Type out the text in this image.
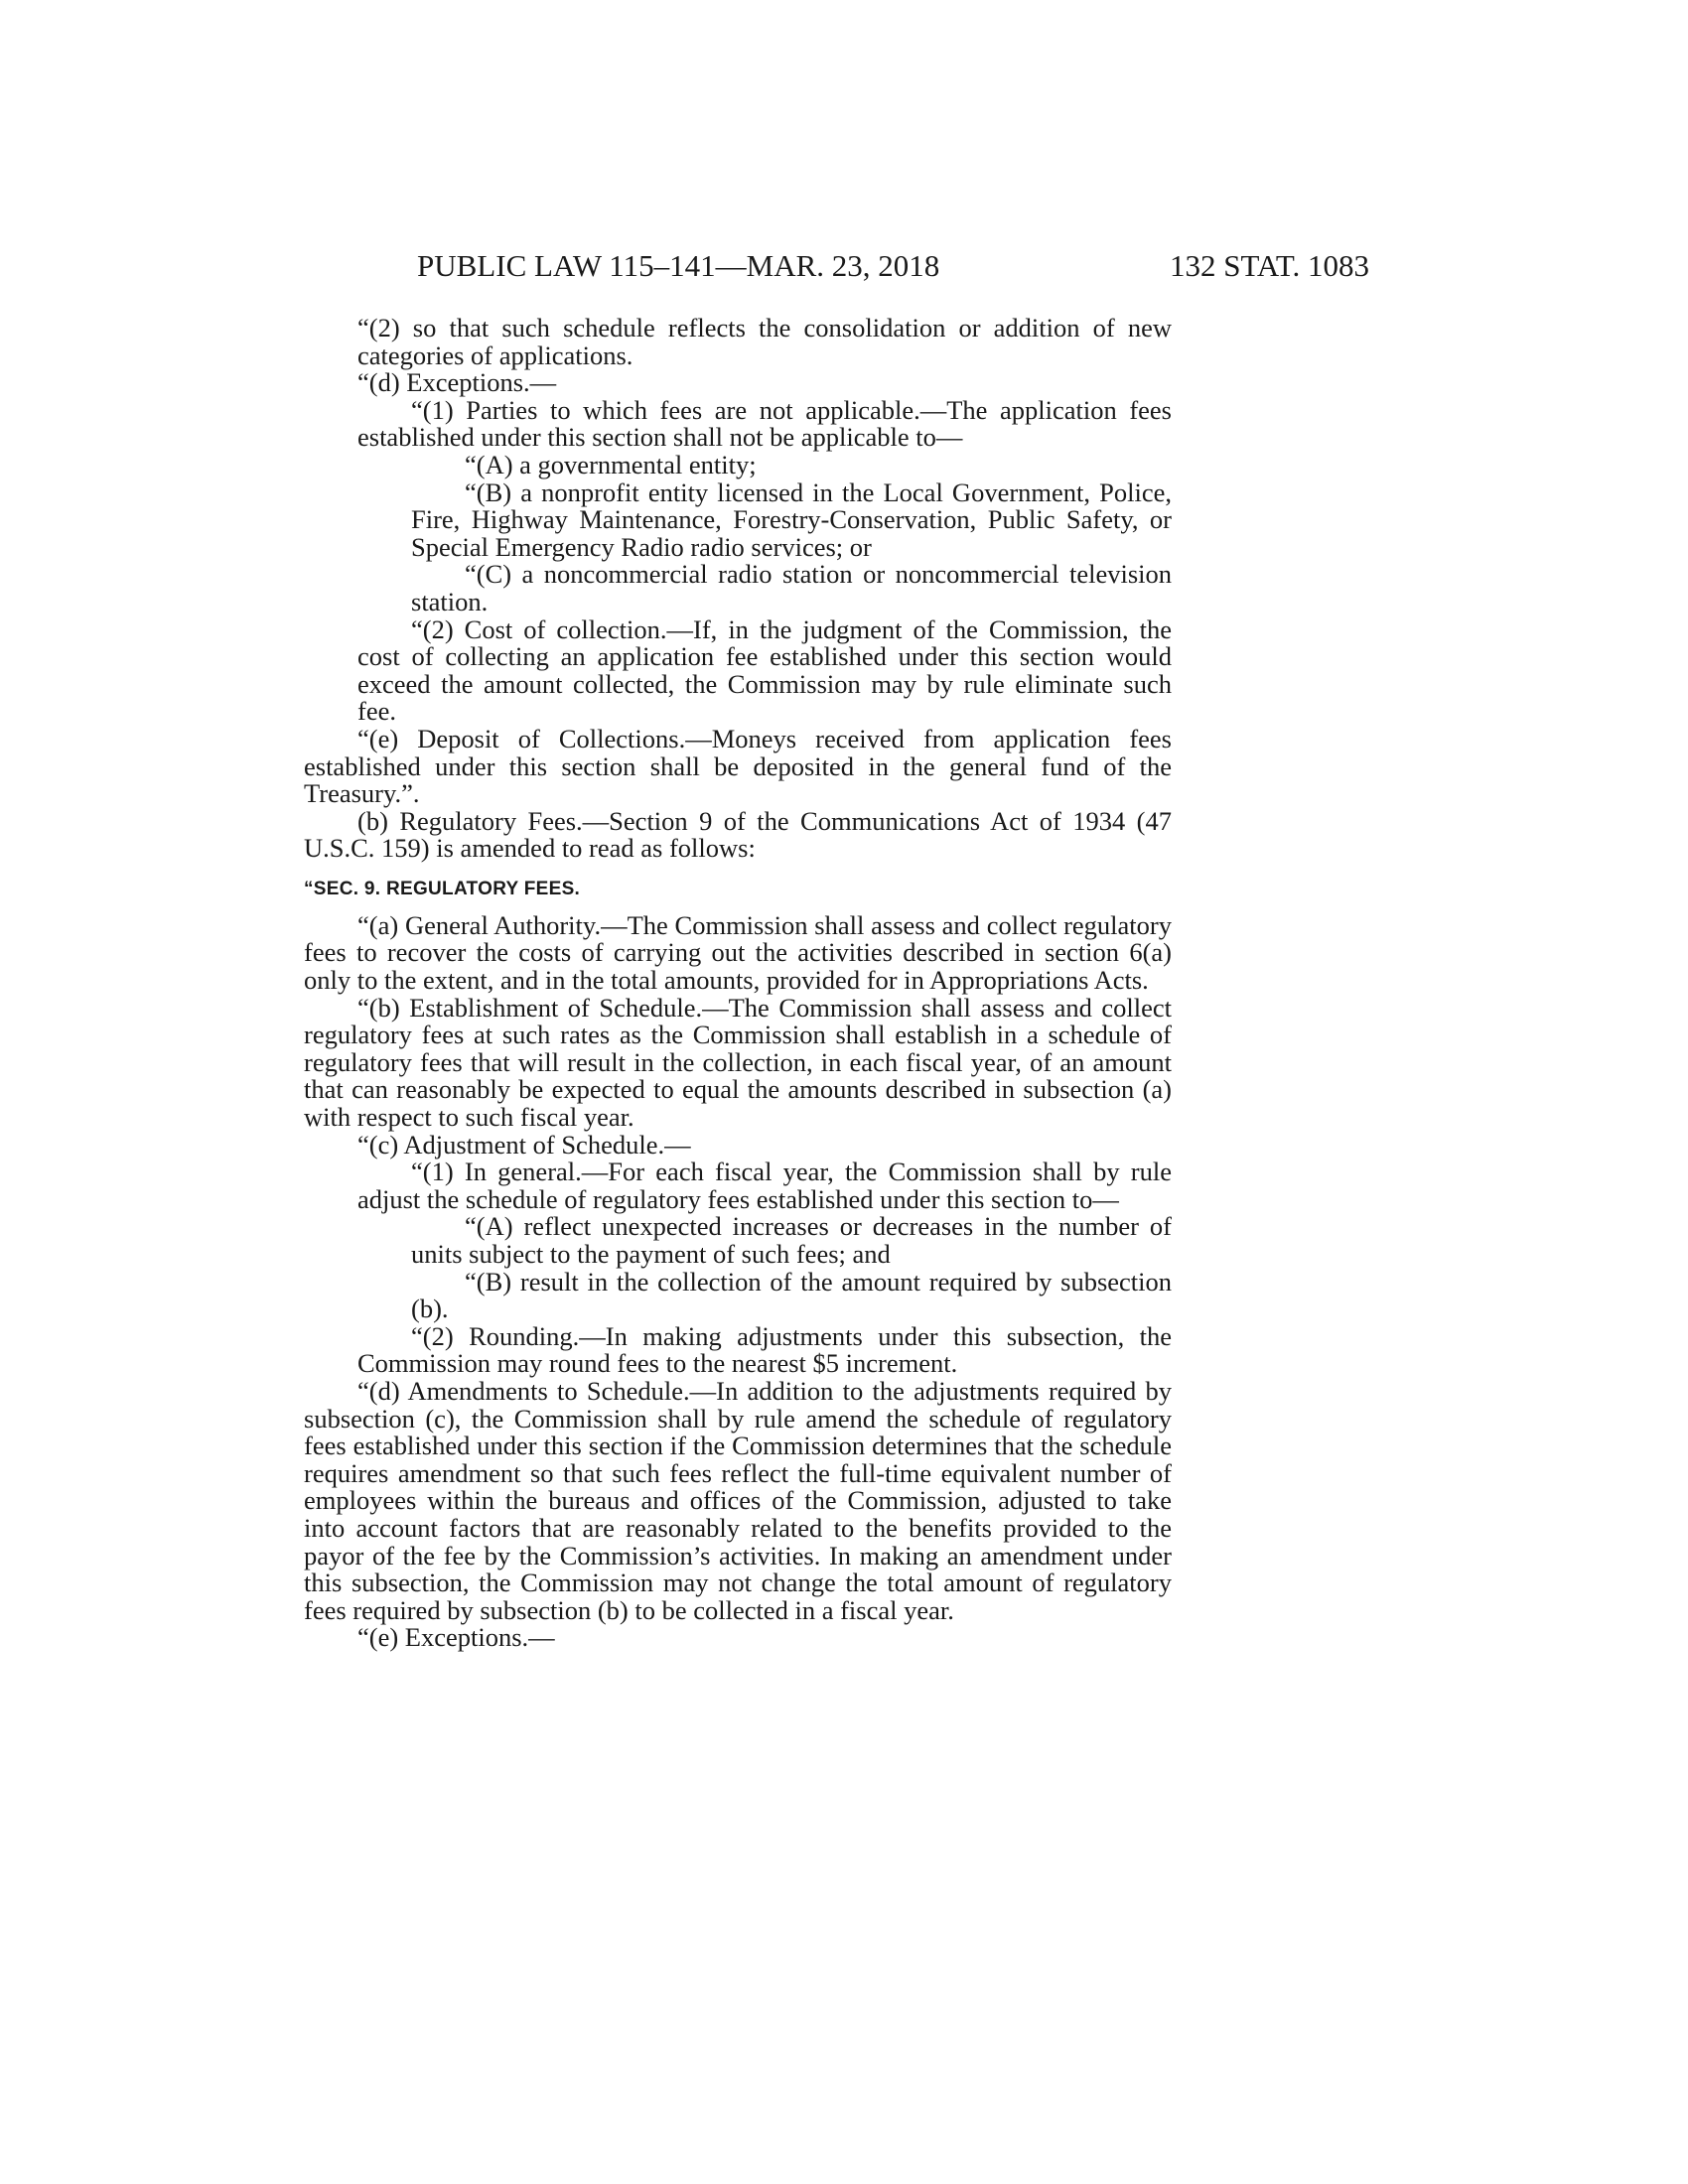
PUBLIC LAW 115–141—MAR. 23, 2018	132 STAT. 1083

“(2) so that such schedule reflects the consolidation or addition of new categories of applications.

“(d) Exceptions.—

“(1) Parties to which fees are not applicable.—The application fees established under this section shall not be applicable to—

“(A) a governmental entity;

“(B) a nonprofit entity licensed in the Local Government, Police, Fire, Highway Maintenance, Forestry-Conservation, Public Safety, or Special Emergency Radio radio services; or

“(C) a noncommercial radio station or noncommercial television station.

“(2) Cost of collection.—If, in the judgment of the Commission, the cost of collecting an application fee established under this section would exceed the amount collected, the Commission may by rule eliminate such fee.

“(e) Deposit of Collections.—Moneys received from application fees established under this section shall be deposited in the general fund of the Treasury.”.

(b) Regulatory Fees.—Section 9 of the Communications Act of 1934 (47 U.S.C. 159) is amended to read as follows:

“SEC. 9. REGULATORY FEES.

“(a) General Authority.—The Commission shall assess and collect regulatory fees to recover the costs of carrying out the activities described in section 6(a) only to the extent, and in the total amounts, provided for in Appropriations Acts.

“(b) Establishment of Schedule.—The Commission shall assess and collect regulatory fees at such rates as the Commission shall establish in a schedule of regulatory fees that will result in the collection, in each fiscal year, of an amount that can reasonably be expected to equal the amounts described in subsection (a) with respect to such fiscal year.

“(c) Adjustment of Schedule.—

“(1) In general.—For each fiscal year, the Commission shall by rule adjust the schedule of regulatory fees established under this section to—

“(A) reflect unexpected increases or decreases in the number of units subject to the payment of such fees; and

“(B) result in the collection of the amount required by subsection (b).

“(2) Rounding.—In making adjustments under this subsection, the Commission may round fees to the nearest $5 increment.

“(d) Amendments to Schedule.—In addition to the adjustments required by subsection (c), the Commission shall by rule amend the schedule of regulatory fees established under this section if the Commission determines that the schedule requires amendment so that such fees reflect the full-time equivalent number of employees within the bureaus and offices of the Commission, adjusted to take into account factors that are reasonably related to the benefits provided to the payor of the fee by the Commission’s activities. In making an amendment under this subsection, the Commission may not change the total amount of regulatory fees required by subsection (b) to be collected in a fiscal year.

“(e) Exceptions.—
